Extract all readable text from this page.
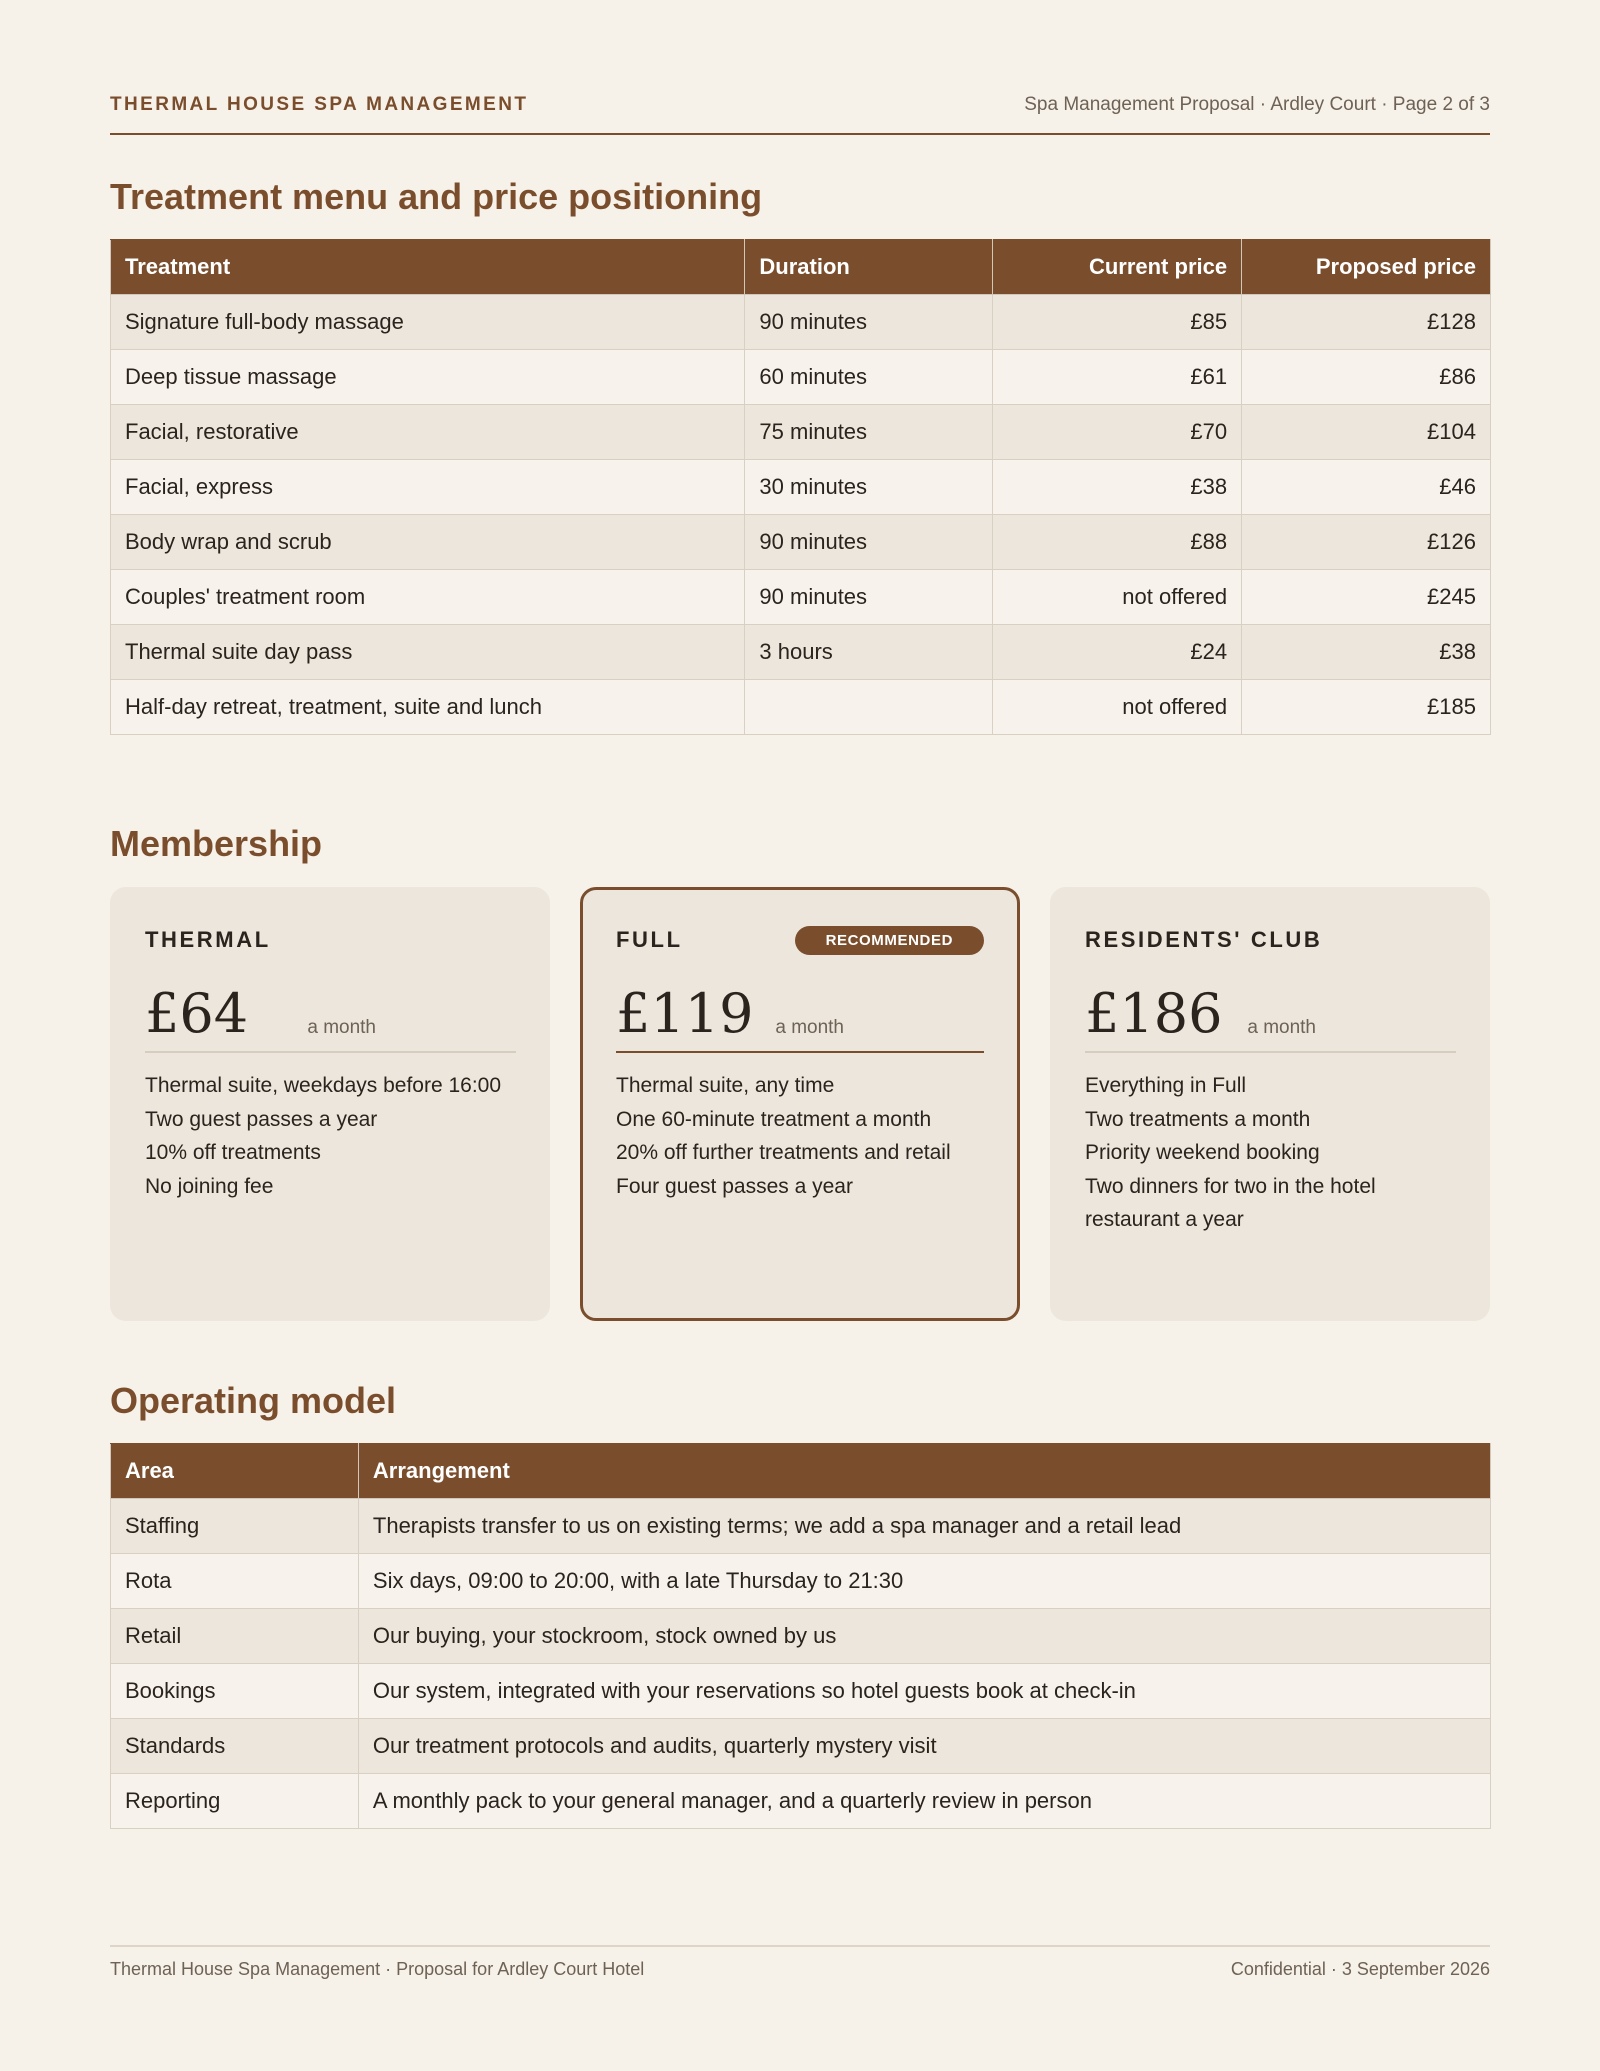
THERMAL HOUSE SPA MANAGEMENT	Spa Management Proposal · Ardley Court · Page 2 of 3
Treatment menu and price positioning
Treatment	Duration	Current price	Proposed price
Signature full-body massage	90 minutes	£85	£128
Deep tissue massage	60 minutes	£61	£86
Facial, restorative	75 minutes	£70	£104
Facial, express	30 minutes	£38	£46
Body wrap and scrub	90 minutes	£88	£126
Couples' treatment room	90 minutes	not offered	£245
Thermal suite day pass	3 hours	£24	£38
Half-day retreat, treatment, suite and lunch		not offered	£185
Membership
THERMAL
£64	a month
Thermal suite, weekdays before 16:00
Two guest passes a year
10% off treatments
No joining fee
FULL	RECOMMENDED
£119 a month
Thermal suite, any time
One 60-minute treatment a month
20% off further treatments and retail
Four guest passes a year
RESIDENTS' CLUB
£186 a month
Everything in Full
Two treatments a month
Priority weekend booking
Two dinners for two in the hotel restaurant a year
Operating model
Area	Arrangement
Staffing	Therapists transfer to us on existing terms; we add a spa manager and a retail lead
Rota	Six days, 09:00 to 20:00, with a late Thursday to 21:30
Retail	Our buying, your stockroom, stock owned by us
Bookings	Our system, integrated with your reservations so hotel guests book at check-in
Standards	Our treatment protocols and audits, quarterly mystery visit
Reporting	A monthly pack to your general manager, and a quarterly review in person
Thermal House Spa Management · Proposal for Ardley Court Hotel	Confidential · 3 September 2026
